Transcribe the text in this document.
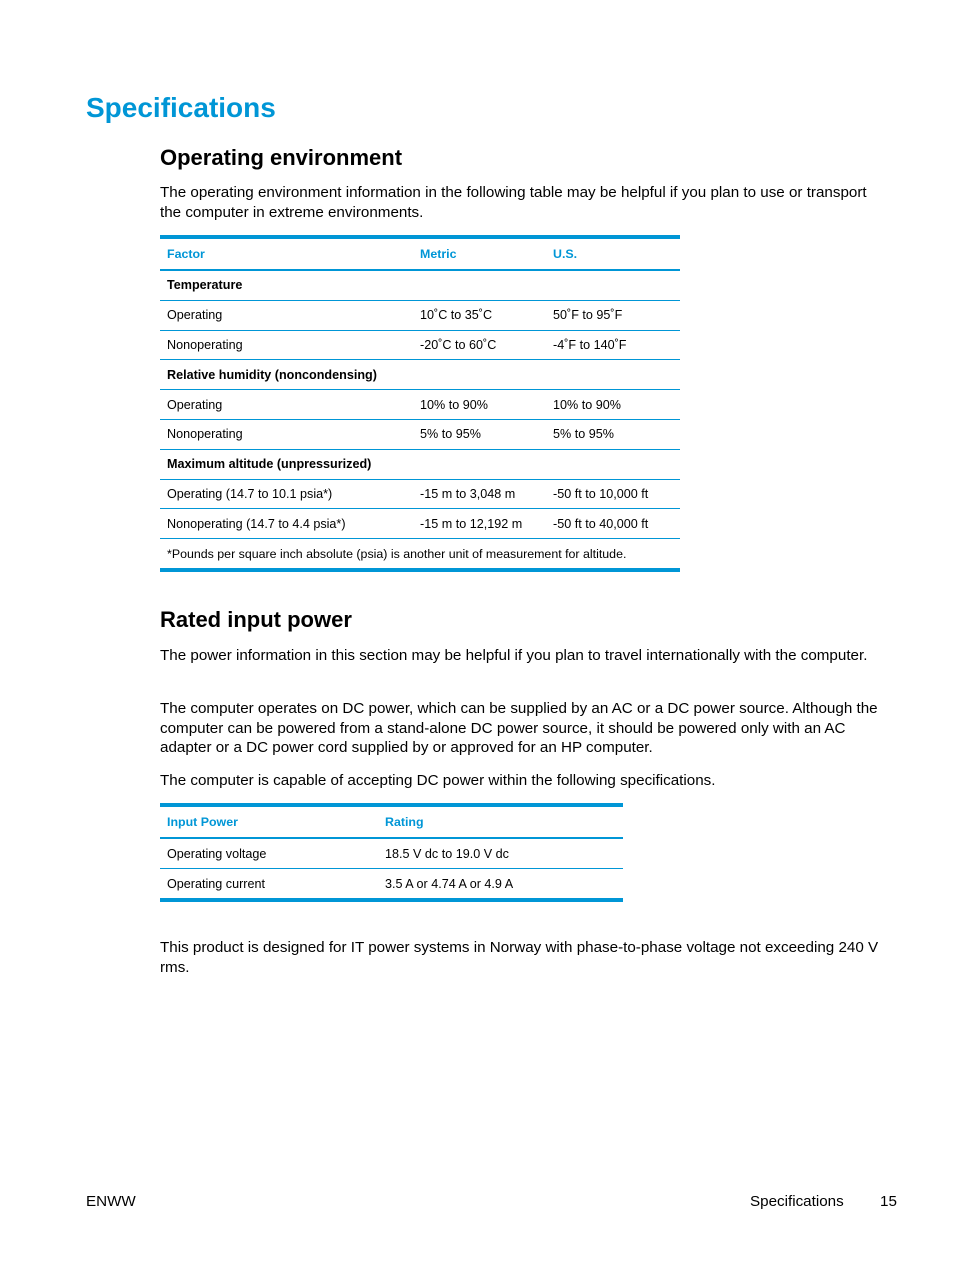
Specifications
Operating environment

The operating environment information in the following table may be helpful if you plan to use or transport the computer in extreme environments.

Factor	Metric	U.S.
Temperature		
Operating	10˚C to 35˚C	50˚F to 95˚F
Nonoperating	-20˚C to 60˚C	-4˚F to 140˚F
Relative humidity (noncondensing)		
Operating	10% to 90%	10% to 90%
Nonoperating	5% to 95%	5% to 95%
Maximum altitude (unpressurized)		
Operating (14.7 to 10.1 psia*)	-15 m to 3,048 m	-50 ft to 10,000 ft
Nonoperating (14.7 to 4.4 psia*)	-15 m to 12,192 m	-50 ft to 40,000 ft
*Pounds per square inch absolute (psia) is another unit of measurement for altitude.		
Rated input power

The power information in this section may be helpful if you plan to travel internationally with the computer.

The computer operates on DC power, which can be supplied by an AC or a DC power source. Although the computer can be powered from a stand-alone DC power source, it should be powered only with an AC adapter or a DC power cord supplied by or approved for an HP computer.

The computer is capable of accepting DC power within the following specifications.

Input Power	Rating
Operating voltage	18.5 V dc to 19.0 V dc
Operating current	3.5 A or 4.74 A or 4.9 A

This product is designed for IT power systems in Norway with phase-to-phase voltage not exceeding 240 V rms.

ENWW	Specifications 15
